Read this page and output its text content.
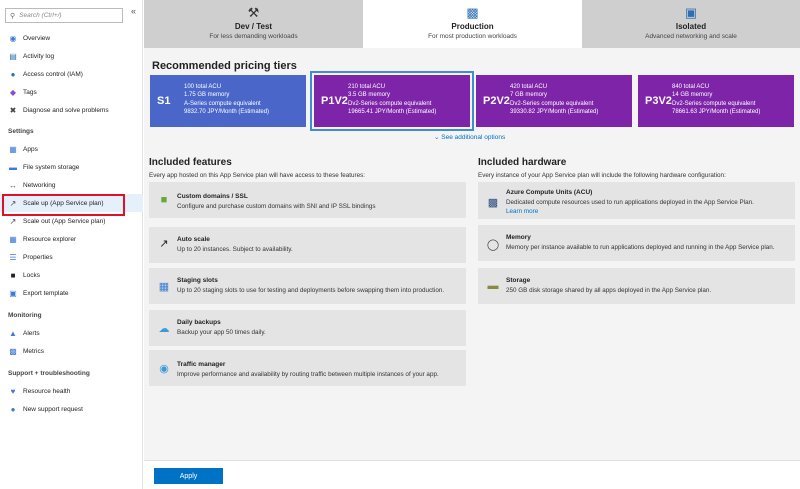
⚲ Search (Ctrl+/)	«
◉ Overview
▤ Activity log
●	Access control (IAM)
◆ Tags
✖ Diagnose and solve problems
Settings
▦ Apps
▬ File system storage
↔ Networking
↗ Scale up (App Service plan)
↗ Scale out (App Service plan)
▦ Resource explorer
☰ Properties
■	Locks
▣ Export template
Monitoring
▲ Alerts
▩ Metrics
Support + troubleshooting
♥	Resource health
●	New support request
⚒
Dev / Test
For less demanding workloads
▩
Production
For most production workloads
▣
Isolated
Advanced networking and scale
Recommended pricing tiers
S1
100 total ACU
1.75 GB memory
A-Series compute equivalent
9832.70 JPY/Month (Estimated)
P1V2
210 total ACU
3.5 GB memory
Dv2-Series compute equivalent
19665.41 JPY/Month (Estimated)
P2V2
420 total ACU
7 GB memory
Dv2-Series compute equivalent
39330.82 JPY/Month (Estimated)
P3V2
840 total ACU
14 GB memory
Dv2-Series compute equivalent
78661.63 JPY/Month (Estimated)
⌄ See additional options
Included features
Every app hosted on this App Service plan will have access to these features:
■	Custom domains / SSL
Configure and purchase custom domains with SNI and IP SSL bindings
↗	Auto scale
Up to 20 instances. Subject to availability.
▦ Staging slots
Up to 20 staging slots to use for testing and deployments before swapping them into production.
☁ Daily backups
Backup your app 50 times daily.
◉	Traffic manager
Improve performance and availability by routing traffic between multiple instances of your app.
Included hardware
Every instance of your App Service plan will include the following hardware configuration:
▩
Azure Compute Units (ACU)
Dedicated compute resources used to run applications deployed in the App Service Plan.
Learn more
◯
Memory
Memory per instance available to run applications deployed and running in the App Service plan.
▬ Storage
250 GB disk storage shared by all apps deployed in the App Service plan.
Apply
